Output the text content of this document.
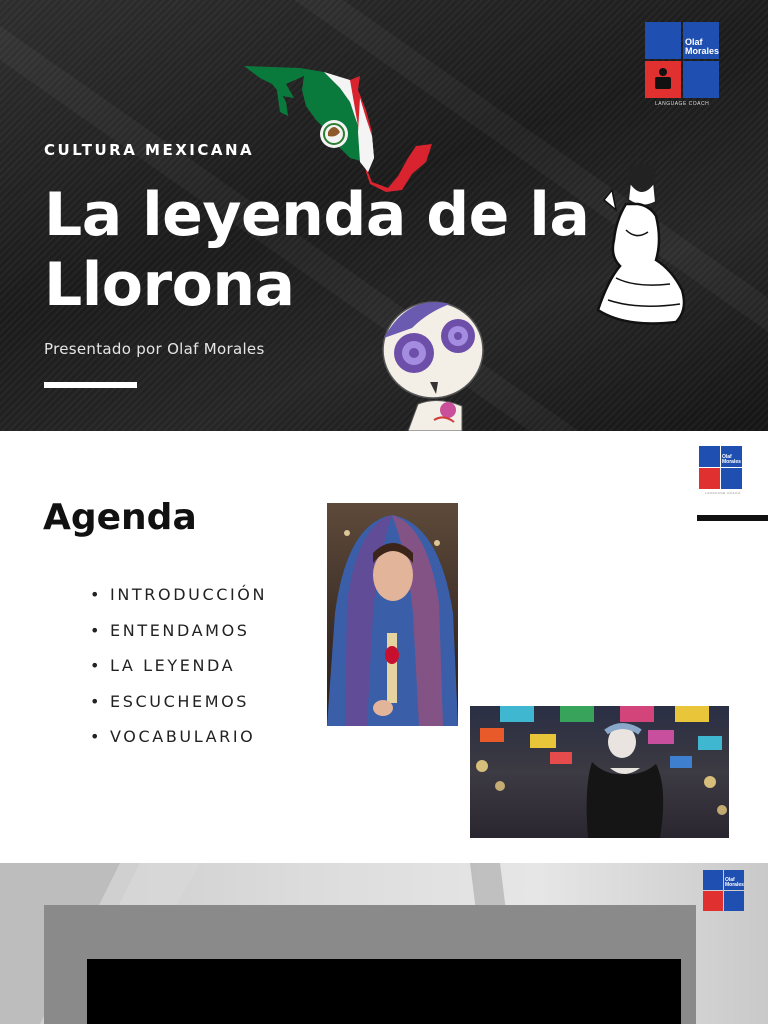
CULTURA MEXICANA
La leyenda de la Llorona
Presentado por Olaf Morales
Olaf
Morales
LANGUAGE COACH
Agenda
• INTRODUCCIÓN
• ENTENDAMOS
• LA LEYENDA
• ESCUCHEMOS
• VOCABULARIO
Olaf
Morales
LANGUAGE COACH
Olaf
Morales
